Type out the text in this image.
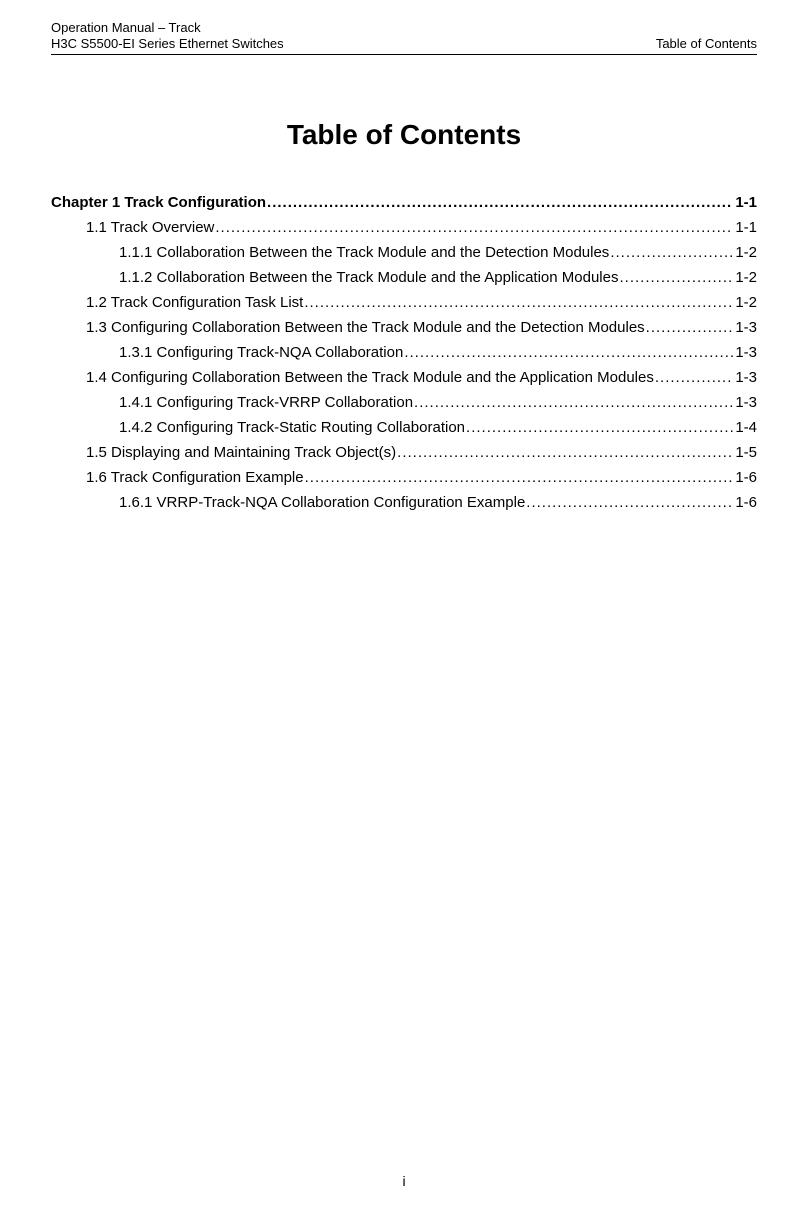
Operation Manual – Track
H3C S5500-EI Series Ethernet Switches	Table of Contents
Table of Contents
Chapter 1 Track Configuration .....	1-1
1.1 Track Overview .....	1-1
1.1.1 Collaboration Between the Track Module and the Detection Modules .....	1-2
1.1.2 Collaboration Between the Track Module and the Application Modules .....	1-2
1.2 Track Configuration Task List .....	1-2
1.3 Configuring Collaboration Between the Track Module and the Detection Modules .....	1-3
1.3.1 Configuring Track-NQA Collaboration .....	1-3
1.4 Configuring Collaboration Between the Track Module and the Application Modules .....	1-3
1.4.1 Configuring Track-VRRP Collaboration .....	1-3
1.4.2 Configuring Track-Static Routing Collaboration .....	1-4
1.5 Displaying and Maintaining Track Object(s) .....	1-5
1.6 Track Configuration Example .....	1-6
1.6.1 VRRP-Track-NQA Collaboration Configuration Example .....	1-6
i
